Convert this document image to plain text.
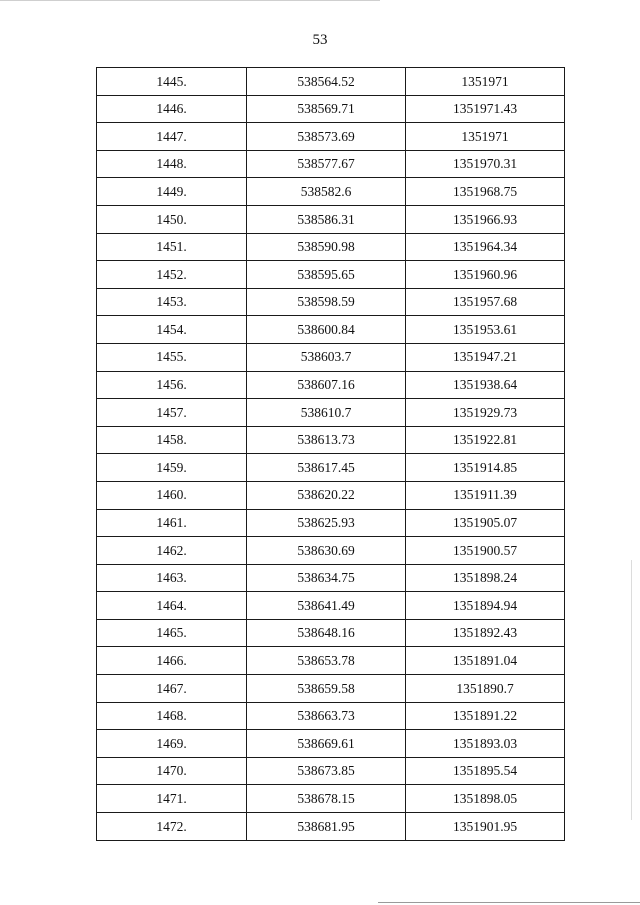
53
1445.	538564.52	1351971
1446.	538569.71	1351971.43
1447.	538573.69	1351971
1448.	538577.67	1351970.31
1449.	538582.6	1351968.75
1450.	538586.31	1351966.93
1451.	538590.98	1351964.34
1452.	538595.65	1351960.96
1453.	538598.59	1351957.68
1454.	538600.84	1351953.61
1455.	538603.7	1351947.21
1456.	538607.16	1351938.64
1457.	538610.7	1351929.73
1458.	538613.73	1351922.81
1459.	538617.45	1351914.85
1460.	538620.22	1351911.39
1461.	538625.93	1351905.07
1462.	538630.69	1351900.57
1463.	538634.75	1351898.24
1464.	538641.49	1351894.94
1465.	538648.16	1351892.43
1466.	538653.78	1351891.04
1467.	538659.58	1351890.7
1468.	538663.73	1351891.22
1469.	538669.61	1351893.03
1470.	538673.85	1351895.54
1471.	538678.15	1351898.05
1472.	538681.95	1351901.95
